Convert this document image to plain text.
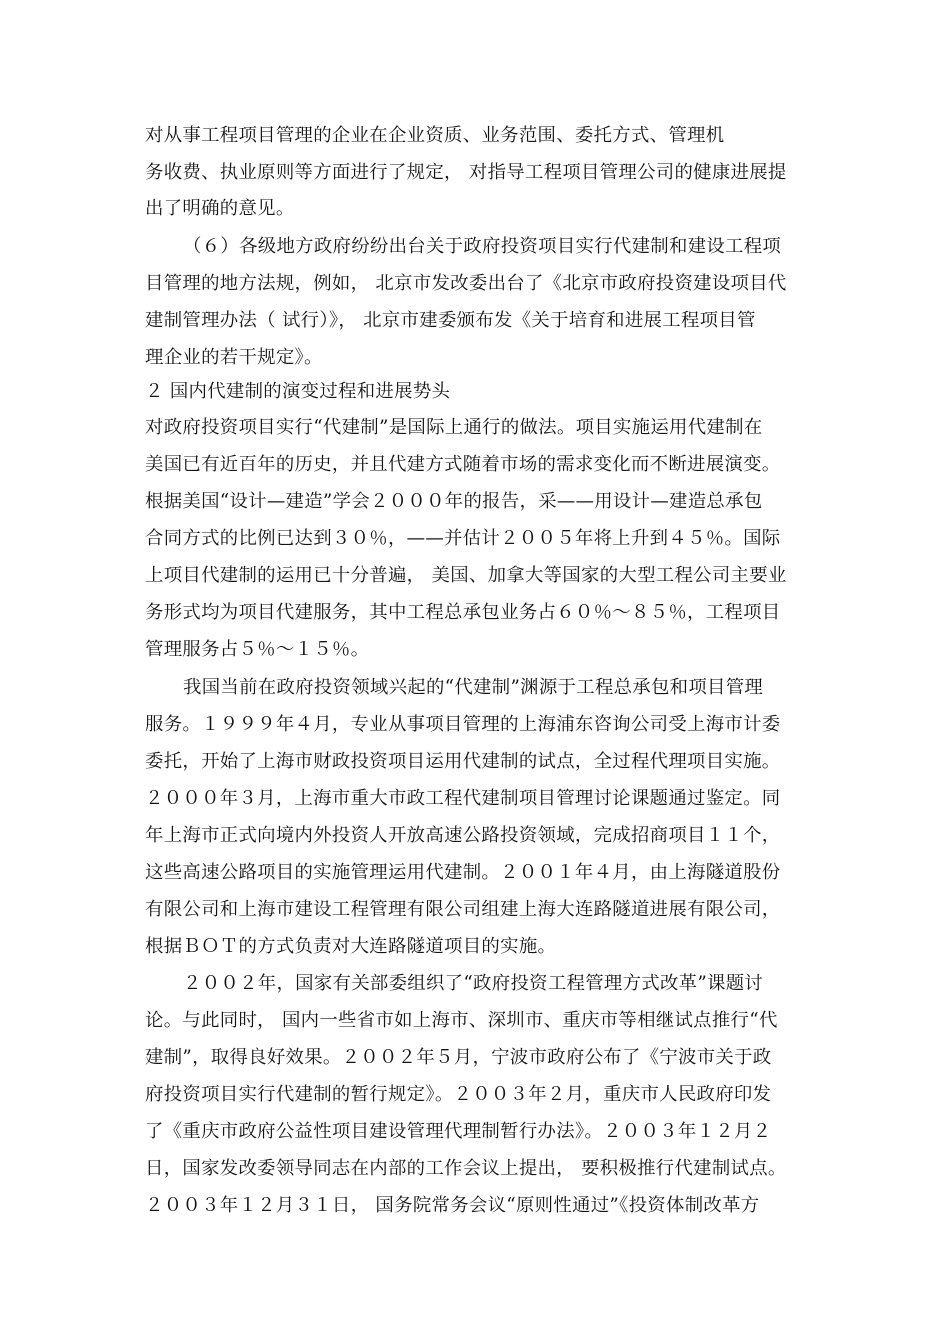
对从事工程项目管理的企业在企业资质、业务范围、委托方式、管理机
务收费、执业原则等方面进行了规定， 对指导工程项目管理公司的健康进展提
出了明确的意见。
（６）各级地方政府纷纷出台关于政府投资项目实行代建制和建设工程项
目管理的地方法规，例如， 北京市发改委出台了《北京市政府投资建设项目代
建制管理办法（ 试行）》， 北京市建委颁布发《关于培育和进展工程项目管
理企业的若干规定》。
２ 国内代建制的演变过程和进展势头
对政府投资项目实行“代建制”是国际上通行的做法。项目实施运用代建制在
美国已有近百年的历史，并且代建方式随着市场的需求变化而不断进展演变。
根据美国“设计—建造”学会２０００年的报告，采——用设计—建造总承包
合同方式的比例已达到３０％，——并估计２００５年将上升到４５％。国际
上项目代建制的运用已十分普遍， 美国、加拿大等国家的大型工程公司主要业
务形式均为项目代建服务，其中工程总承包业务占６０％～８５％，工程项目
管理服务占５％～１５％。
我国当前在政府投资领域兴起的“代建制”渊源于工程总承包和项目管理
服务。１９９９年４月，专业从事项目管理的上海浦东咨询公司受上海市计委
委托，开始了上海市财政投资项目运用代建制的试点，全过程代理项目实施。
２０００年３月，上海市重大市政工程代建制项目管理讨论课题通过鉴定。同
年上海市正式向境内外投资人开放高速公路投资领域，完成招商项目１１个，
这些高速公路项目的实施管理运用代建制。２００１年４月，由上海隧道股份
有限公司和上海市建设工程管理有限公司组建上海大连路隧道进展有限公司，
根据ＢＯＴ的方式负责对大连路隧道项目的实施。
２００２年，国家有关部委组织了“政府投资工程管理方式改革”课题讨
论。与此同时， 国内一些省市如上海市、深圳市、重庆市等相继试点推行“代
建制”，取得良好效果。２００２年５月，宁波市政府公布了《宁波市关于政
府投资项目实行代建制的暂行规定》。２００３年２月，重庆市人民政府印发
了《重庆市政府公益性项目建设管理代理制暂行办法》。２００３年１２月２
日，国家发改委领导同志在内部的工作会议上提出， 要积极推行代建制试点。
２００３年１２月３１日， 国务院常务会议“原则性通过”《投资体制改革方
